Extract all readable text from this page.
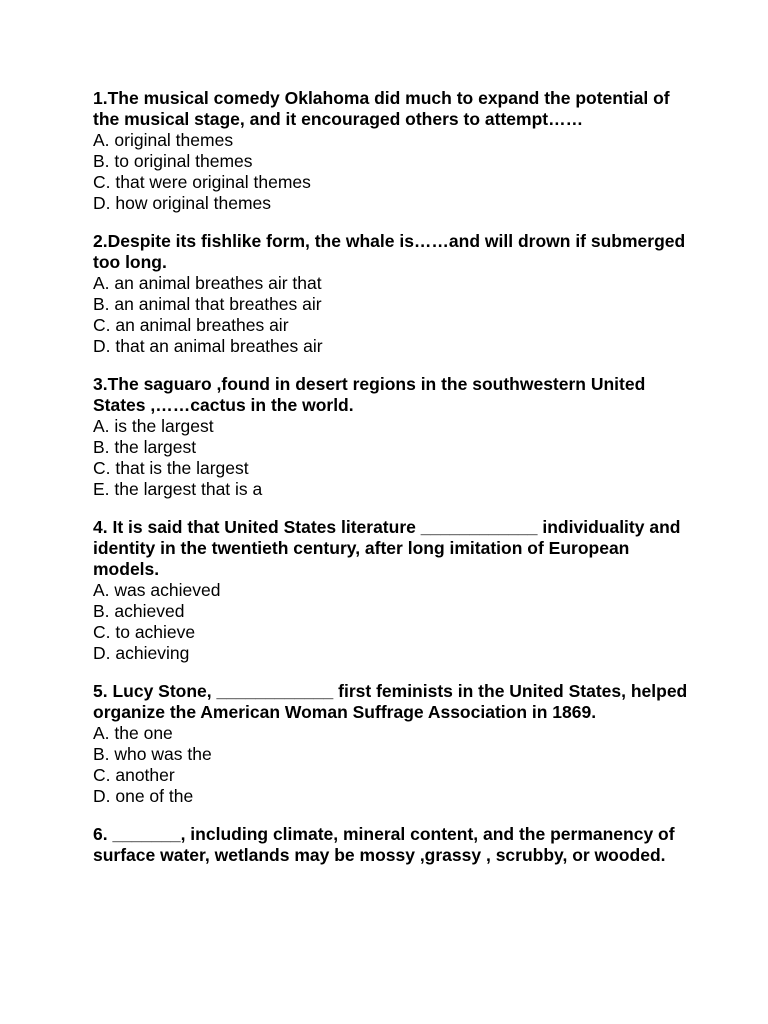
1.The musical comedy Oklahoma did much to expand the potential of the musical stage, and it encouraged others to attempt……

A. original themes
B. to original themes
C. that were original themes
D. how original themes

2.Despite its fishlike form, the whale is……and will drown if submerged too long.

A. an animal breathes air that
B. an animal that breathes air
C. an animal breathes air
D. that an animal breathes air

3.The saguaro ,found in desert regions in the southwestern United States ,……cactus in the world.

A. is the largest
B. the largest
C. that is the largest
E. the largest that is a

4. It is said that United States literature ____________ individuality and identity in the twentieth century, after long imitation of European models.

A. was achieved
B. achieved
C. to achieve
D. achieving

5. Lucy Stone, ____________ first feminists in the United States, helped organize the American Woman Suffrage Association in 1869.

A. the one
B. who was the
C. another
D. one of the

6. _______, including climate, mineral content, and the permanency of surface water, wetlands may be mossy ,grassy , scrubby, or wooded.
